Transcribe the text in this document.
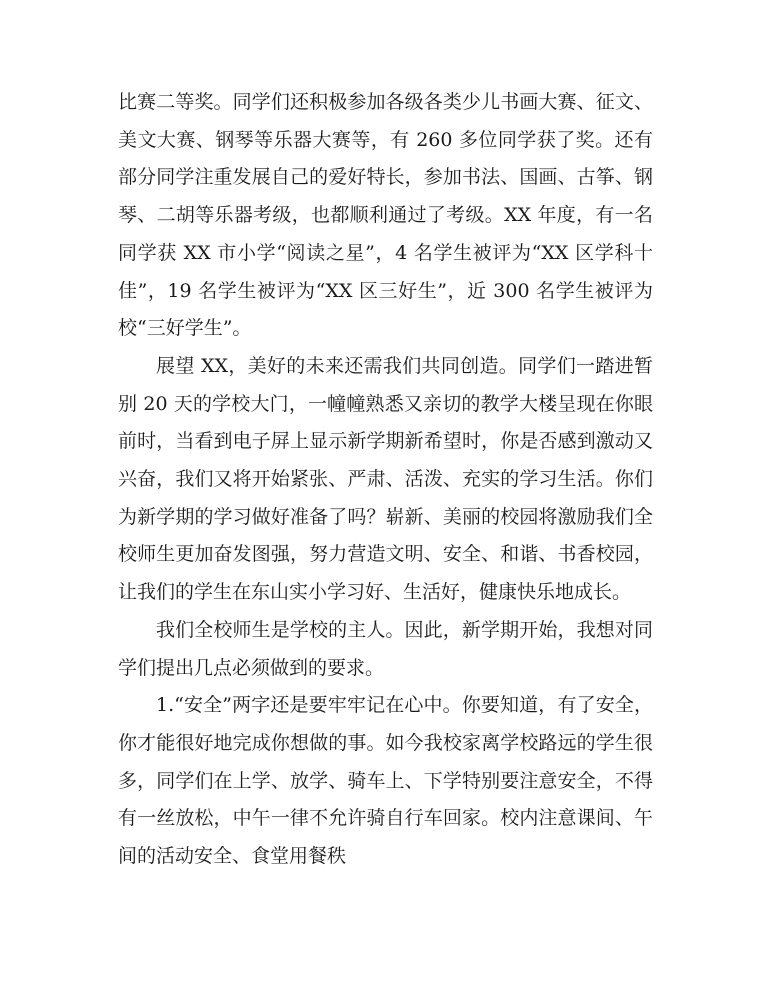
比赛二等奖。同学们还积极参加各级各类少儿书画大赛、征文、美文大赛、钢琴等乐器大赛等，有 260 多位同学获了奖。还有部分同学注重发展自己的爱好特长，参加书法、国画、古筝、钢琴、二胡等乐器考级，也都顺利通过了考级。XX 年度，有一名同学获 XX 市小学“阅读之星”，4 名学生被评为“XX 区学科十佳”，19 名学生被评为“XX 区三好生”，近 300 名学生被评为校“三好学生”。

展望 XX，美好的未来还需我们共同创造。同学们一踏进暂别 20 天的学校大门，一幢幢熟悉又亲切的教学大楼呈现在你眼前时，当看到电子屏上显示新学期新希望时，你是否感到激动又兴奋，我们又将开始紧张、严肃、活泼、充实的学习生活。你们为新学期的学习做好准备了吗？崭新、美丽的校园将激励我们全校师生更加奋发图强，努力营造文明、安全、和谐、书香校园，让我们的学生在东山实小学习好、生活好，健康快乐地成长。

我们全校师生是学校的主人。因此，新学期开始，我想对同学们提出几点必须做到的要求。

1.“安全”两字还是要牢牢记在心中。你要知道，有了安全，你才能很好地完成你想做的事。如今我校家离学校路远的学生很多，同学们在上学、放学、骑车上、下学特别要注意安全，不得有一丝放松，中午一律不允许骑自行车回家。校内注意课间、午间的活动安全、食堂用餐秩
